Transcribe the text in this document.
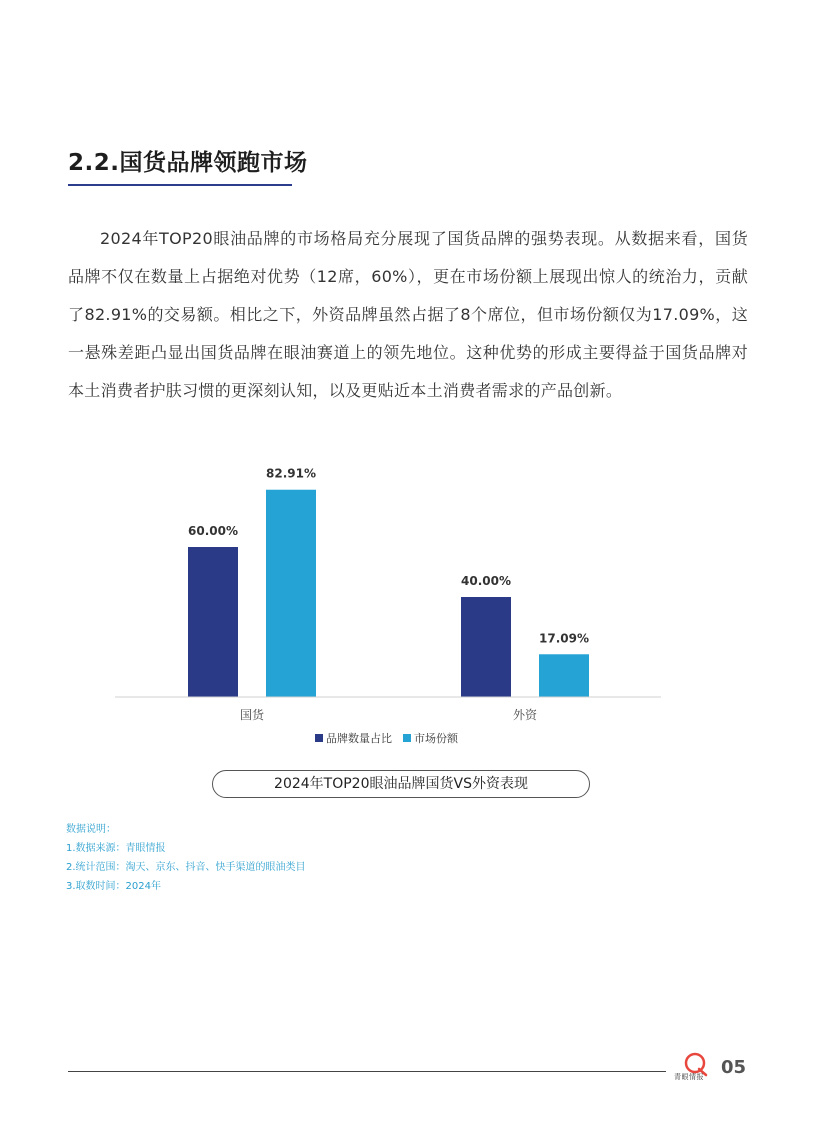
2.2.国货品牌领跑市场

2024年TOP20眼油品牌的市场格局充分展现了国货品牌的强势表现。从数据来看，国货品牌不仅在数量上占据绝对优势（12席，60%），更在市场份额上展现出惊人的统治力，贡献了82.91%的交易额。相比之下，外资品牌虽然占据了8个席位，但市场份额仅为17.09%，这一悬殊差距凸显出国货品牌在眼油赛道上的领先地位。这种优势的形成主要得益于国货品牌对本土消费者护肤习惯的更深刻认知，以及更贴近本土消费者需求的产品创新。

60.00%
82.91%
40.00%
17.09%
国货	外资
品牌数量占比 市场份额
2024年TOP20眼油品牌国货VS外资表现
数据说明：
1.数据来源：青眼情报
2.统计范围：淘天、京东、抖音、快手渠道的眼油类目
3.取数时间：2024年
青眼情报 05
